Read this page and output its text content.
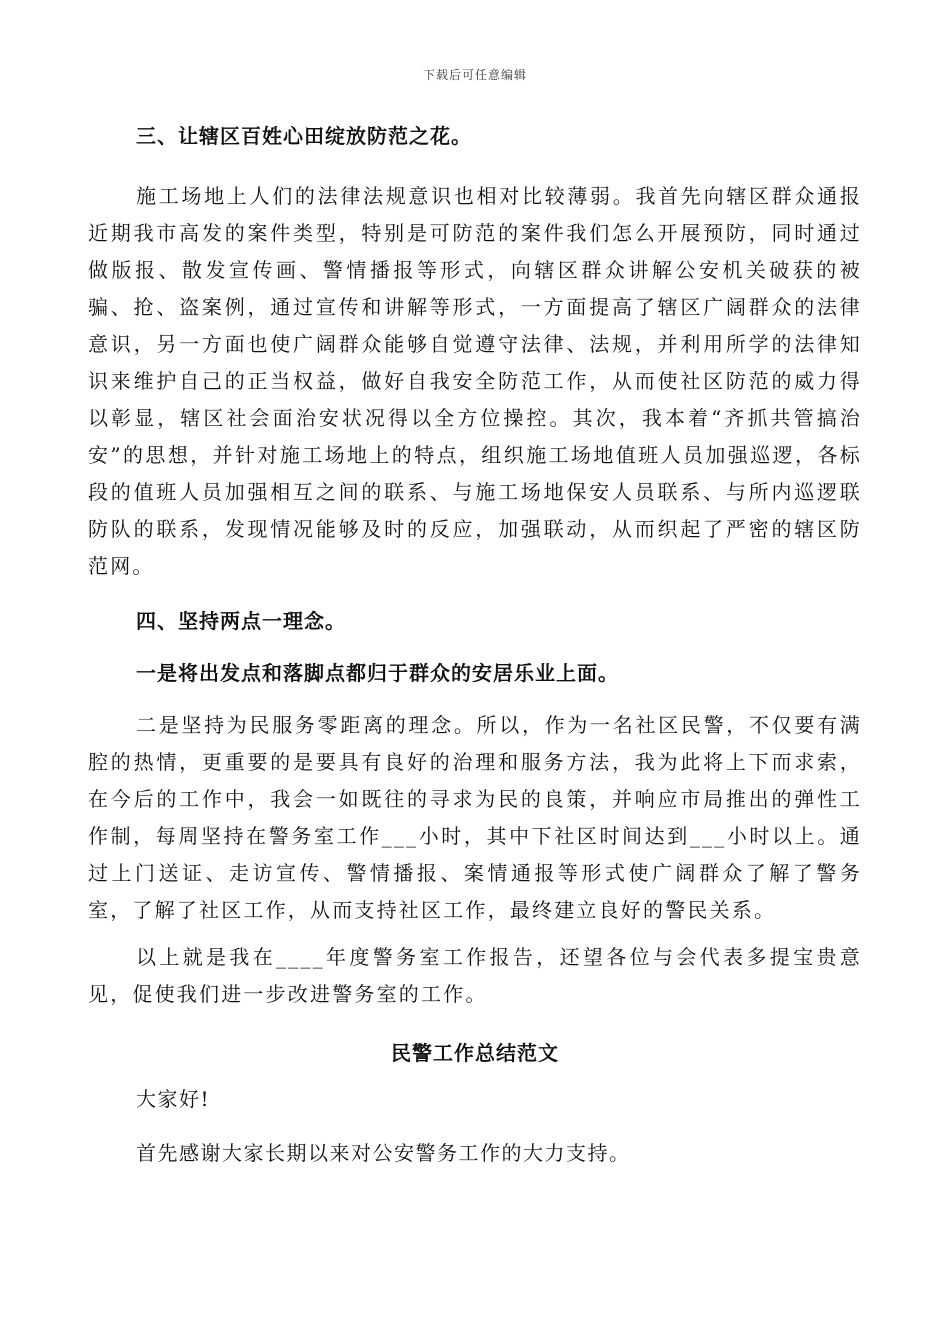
下载后可任意编辑
三、让辖区百姓心田绽放防范之花。
施工场地上人们的法律法规意识也相对比较薄弱。我首先向辖区群众通报近期我市高发的案件类型，特别是可防范的案件我们怎么开展预防，同时通过做版报、散发宣传画、警情播报等形式，向辖区群众讲解公安机关破获的被骗、抢、盗案例，通过宣传和讲解等形式，一方面提高了辖区广阔群众的法律意识，另一方面也使广阔群众能够自觉遵守法律、法规，并利用所学的法律知识来维护自己的正当权益，做好自我安全防范工作，从而使社区防范的威力得以彰显，辖区社会面治安状况得以全方位操控。其次，我本着“齐抓共管搞治安”的思想，并针对施工场地上的特点，组织施工场地值班人员加强巡逻，各标段的值班人员加强相互之间的联系、与施工场地保安人员联系、与所内巡逻联防队的联系，发现情况能够及时的反应，加强联动，从而织起了严密的辖区防范网。
四、坚持两点一理念。
一是将出发点和落脚点都归于群众的安居乐业上面。
二是坚持为民服务零距离的理念。所以，作为一名社区民警，不仅要有满腔的热情，更重要的是要具有良好的治理和服务方法，我为此将上下而求索，在今后的工作中，我会一如既往的寻求为民的良策，并响应市局推出的弹性工作制，每周坚持在警务室工作___小时，其中下社区时间达到___小时以上。通过上门送证、走访宣传、警情播报、案情通报等形式使广阔群众了解了警务室，了解了社区工作，从而支持社区工作，最终建立良好的警民关系。
以上就是我在____年度警务室工作报告，还望各位与会代表多提宝贵意见，促使我们进一步改进警务室的工作。
民警工作总结范文
大家好!
首先感谢大家长期以来对公安警务工作的大力支持。
